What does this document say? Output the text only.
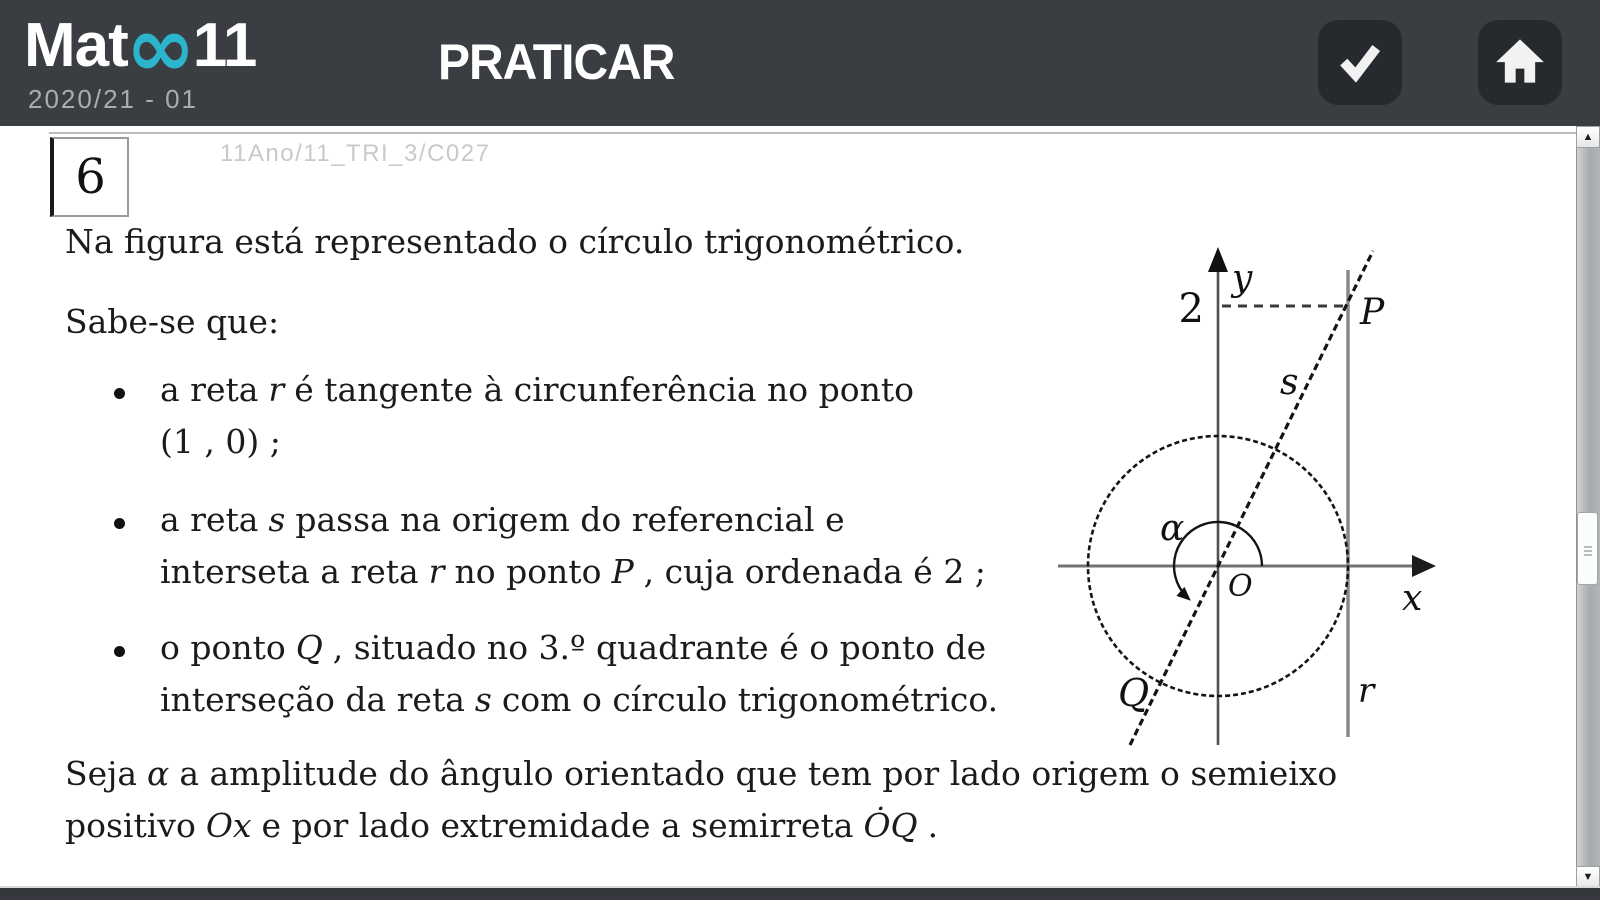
Mat∞11
2020/21 - 01
PRATICAR
6	11Ano/11_TRI_3/C027
Na figura está representado o círculo trigonométrico.
Sabe-se que:
a reta r é tangente à circunferência no ponto
(1 , 0) ;
a reta s passa na origem do referencial e
interseta a reta r no ponto P , cuja ordenada é 2 ;
o ponto Q , situado no 3.º quadrante é o ponto de
interseção da reta s com o círculo trigonométrico.
Seja α a amplitude do ângulo orientado que tem por lado origem o semieixo
positivo Ox e por lado extremidade a semirreta ȮQ .
y
2	P
s
α
O	x
Q	r
▲
▼
